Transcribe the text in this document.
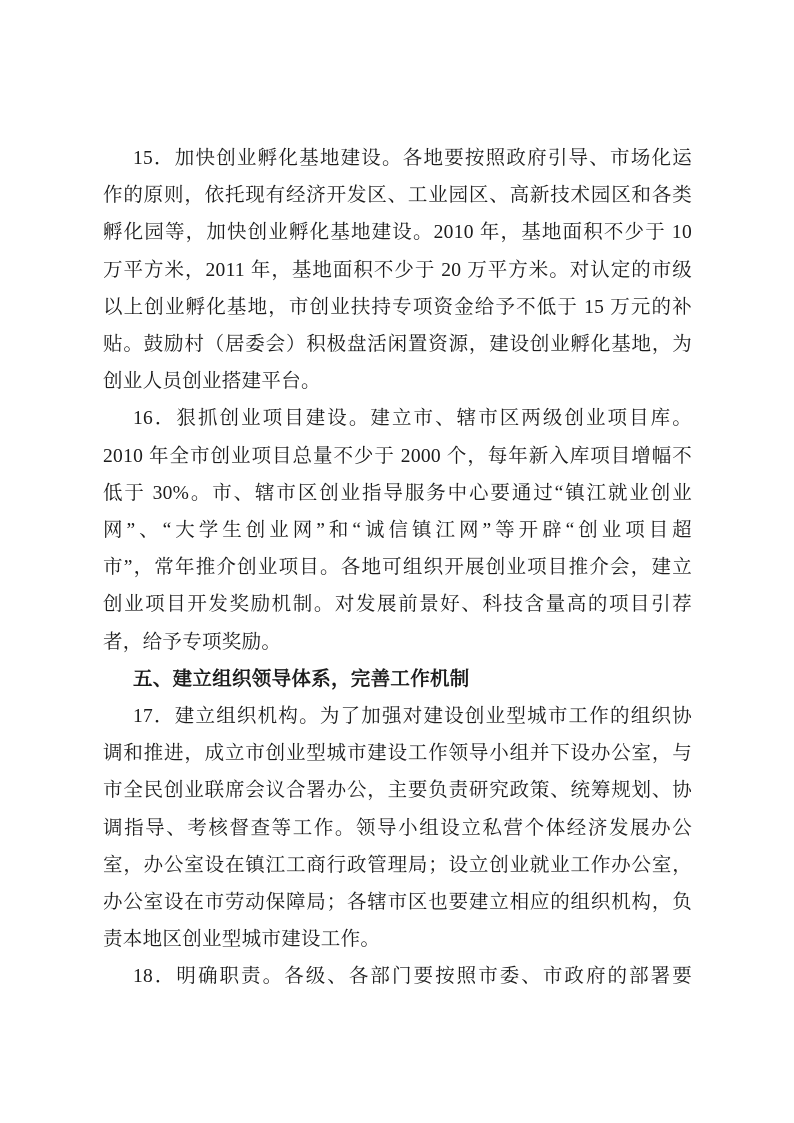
15．加快创业孵化基地建设。各地要按照政府引导、市场化运
作的原则，依托现有经济开发区、工业园区、高新技术园区和各类
孵化园等，加快创业孵化基地建设。2010 年，基地面积不少于 10
万平方米，2011 年，基地面积不少于 20 万平方米。对认定的市级
以上创业孵化基地，市创业扶持专项资金给予不低于 15 万元的补
贴。鼓励村（居委会）积极盘活闲置资源，建设创业孵化基地，为
创业人员创业搭建平台。
16．狠抓创业项目建设。建立市、辖市区两级创业项目库。
2010 年全市创业项目总量不少于 2000 个，每年新入库项目增幅不
低于 30%。市、辖市区创业指导服务中心要通过“镇江就业创业
网”、“大学生创业网”和“诚信镇江网”等开辟“创业项目超
市”，常年推介创业项目。各地可组织开展创业项目推介会，建立
创业项目开发奖励机制。对发展前景好、科技含量高的项目引荐
者，给予专项奖励。
五、建立组织领导体系，完善工作机制
17．建立组织机构。为了加强对建设创业型城市工作的组织协
调和推进，成立市创业型城市建设工作领导小组并下设办公室，与
市全民创业联席会议合署办公，主要负责研究政策、统筹规划、协
调指导、考核督查等工作。领导小组设立私营个体经济发展办公
室，办公室设在镇江工商行政管理局；设立创业就业工作办公室，
办公室设在市劳动保障局；各辖市区也要建立相应的组织机构，负
责本地区创业型城市建设工作。
18．明确职责。各级、各部门要按照市委、市政府的部署要
